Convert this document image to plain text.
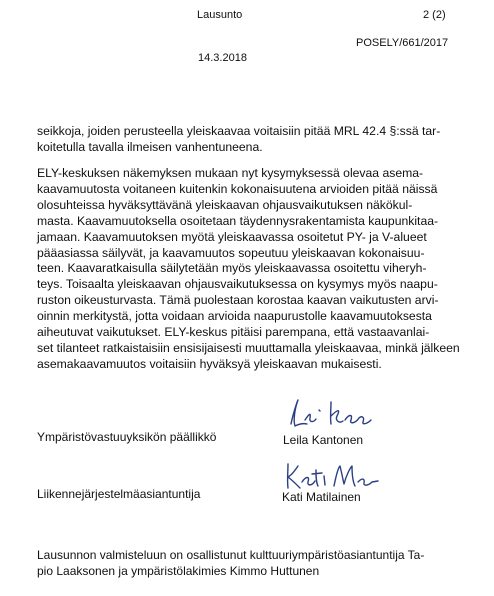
Lausunto	2 (2)
POSELY/661/2017
14.3.2018
seikkoja, joiden perusteella yleiskaavaa voitaisiin pitää MRL 42.4 §:ssä tar-
koitetulla tavalla ilmeisen vanhentuneena.
ELY-keskuksen näkemyksen mukaan nyt kysymyksessä olevaa asema-
kaavamuutosta voitaneen kuitenkin kokonaisuutena arvioiden pitää näissä
olosuhteissa hyväksyttävänä yleiskaavan ohjausvaikutuksen näkökul-
masta. Kaavamuutoksella osoitetaan täydennysrakentamista kaupunkitaa-
jamaan. Kaavamuutoksen myötä yleiskaavassa osoitetut PY- ja V-alueet
pääasiassa säilyvät, ja kaavamuutos sopeutuu yleiskaavan kokonaisuu-
teen. Kaavaratkaisulla säilytetään myös yleiskaavassa osoitettu viheryh-
teys. Toisaalta yleiskaavan ohjausvaikutuksessa on kysymys myös naapu-
ruston oikeusturvasta. Tämä puolestaan korostaa kaavan vaikutusten arvi-
oinnin merkitystä, jotta voidaan arvioida naapurustolle kaavamuutoksesta
aiheutuvat vaikutukset. ELY-keskus pitäisi parempana, että vastaavanlai-
set tilanteet ratkaistaisiin ensisijaisesti muuttamalla yleiskaavaa, minkä jälkeen
asemakaavamuutos voitaisiin hyväksyä yleiskaavan mukaisesti.
Ympäristövastuuyksikön päällikkö	Leila Kantonen
Liikennejärjestelmäasiantuntija	Kati Matilainen
Lausunnon valmisteluun on osallistunut kulttuuriympäristöasiantuntija Ta-
pio Laaksonen ja ympäristölakimies Kimmo Huttunen
